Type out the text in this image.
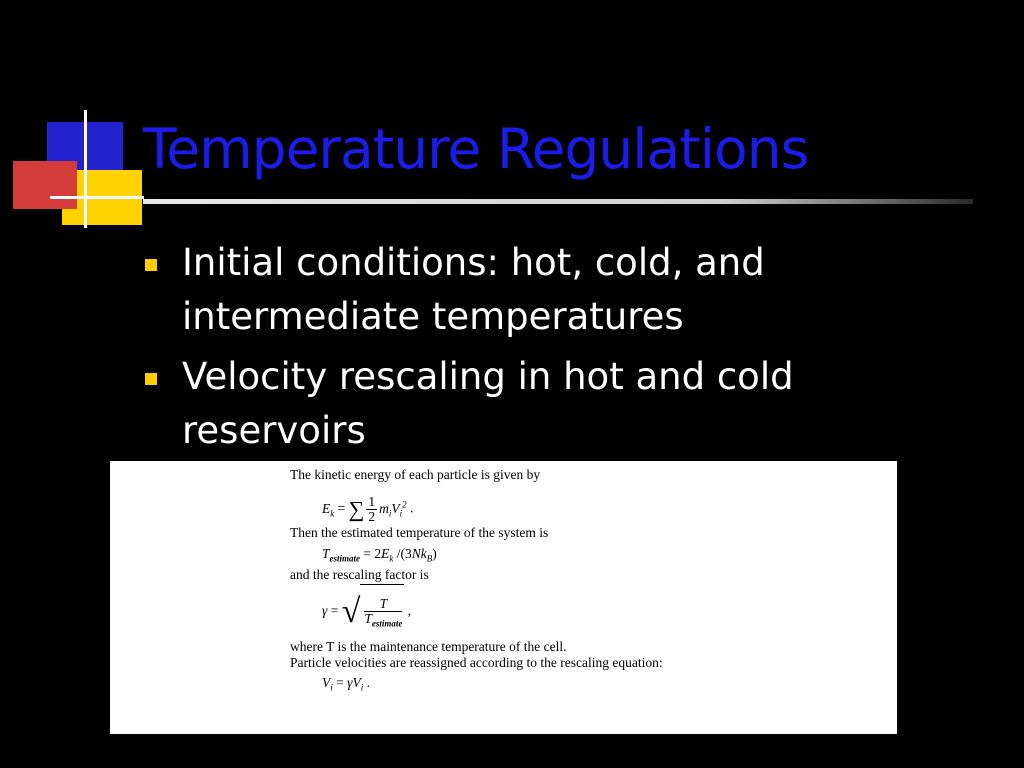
Temperature Regulations
Initial conditions: hot, cold, and intermediate temperatures
Velocity rescaling in hot and cold reservoirs
The kinetic energy of each particle is given by
$E_k$ = ∑ $\frac{1}{2} m_iV_i^2$ .
Then the estimated temperature of the system is
$T_{estimate} = 2E_k$ $/(3Nk_B)$
and the rescaling factor is
γ = √ $\frac{T}{T_{estimate}}$ ,
where T is the maintenance temperature of the cell.
Particle velocities are reassigned according to the rescaling equation:
$V_i = \gamma V_i$ .
